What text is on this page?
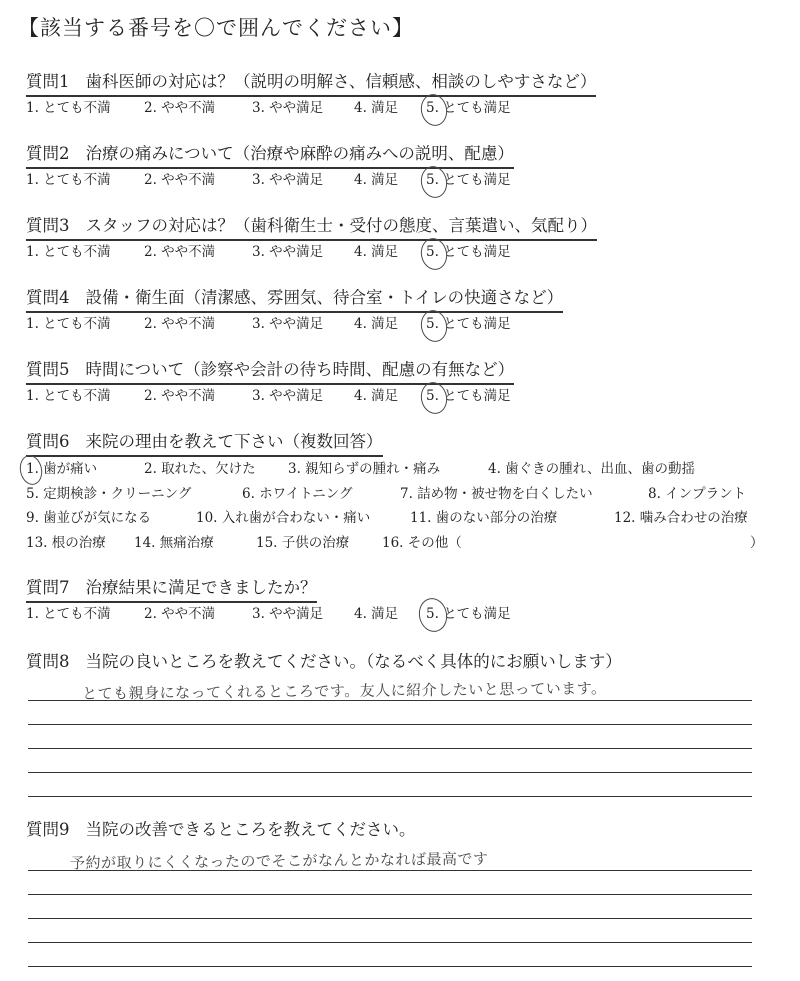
【該当する番号を〇で囲んでください】
質問1 歯科医師の対応は？（説明の明解さ、信頼感、相談のしやすさなど）
1. とても不満 2. やや不満	3. やや満足 4. 満足 5. とても満足
質問2 治療の痛みについて（治療や麻酔の痛みへの説明、配慮）
1. とても不満 2. やや不満	3. やや満足 4. 満足 5. とても満足
質問3 スタッフの対応は？（歯科衛生士・受付の態度、言葉遣い、気配り）
1. とても不満 2. やや不満	3. やや満足 4. 満足 5. とても満足
質問4 設備・衛生面（清潔感、雰囲気、待合室・トイレの快適さなど）
1. とても不満 2. やや不満	3. やや満足 4. 満足 5. とても満足
質問5 時間について（診察や会計の待ち時間、配慮の有無など）
1. とても不満 2. やや不満	3. やや満足 4. 満足 5. とても満足
質問6 来院の理由を教えて下さい（複数回答）
1. 歯が痛い	2. 取れた、欠けた 3. 親知らずの腫れ・痛み	4. 歯ぐきの腫れ、出血、歯の動揺
5. 定期検診・クリーニング	6. ホワイトニング	7. 詰め物・被せ物を白くしたい	8. インプラント
9. 歯並びが気になる	10. 入れ歯が合わない・痛い	11. 歯のない部分の治療	12. 噛み合わせの治療
13. 根の治療 14. 無痛治療	15. 子供の治療 16. その他（	）
質問7 治療結果に満足できましたか？
1. とても不満 2. やや不満	3. やや満足 4. 満足 5. とても満足
質問8 当院の良いところを教えてください。（なるべく具体的にお願いします）
とても親身になってくれるところです。友人に紹介したいと思っています。
質問9 当院の改善できるところを教えてください。
予約が取りにくくなったのでそこがなんとかなれば最高です
